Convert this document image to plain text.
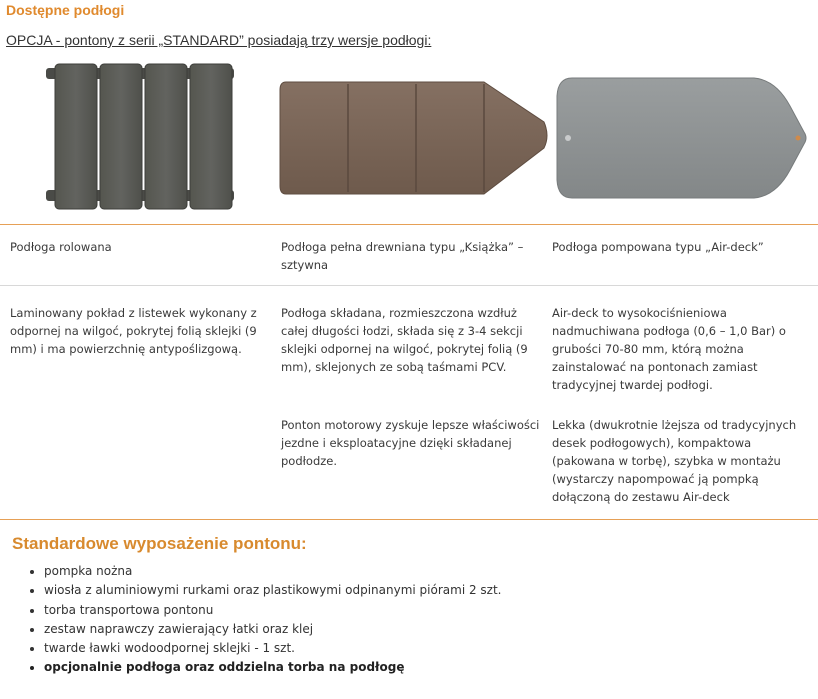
Dostępne podłogi
OPCJA - pontony z serii „STANDARD” posiadają trzy wersje podłogi:
Podłoga rolowana	Podłoga pełna drewniana typu „Książka” – sztywna
Podłoga pompowana typu „Air-deck”
Laminowany pokład z listewek wykonany z odpornej na wilgoć, pokrytej folią sklejki (9 mm) i ma powierzchnię antypoślizgową.
Podłoga składana, rozmieszczona wzdłuż całej długości łodzi, składa się z 3-4 sekcji sklejki odpornej na wilgoć, pokrytej folią (9 mm), sklejonych ze sobą taśmami PCV.
Air-deck to wysokociśnieniowa nadmuchiwana podłoga (0,6 – 1,0 Bar) o grubości 70-80 mm, którą można zainstalować na pontonach zamiast tradycyjnej twardej podłogi.
Ponton motorowy zyskuje lepsze właściwości jezdne i eksploatacyjne dzięki składanej podłodze.
Lekka (dwukrotnie lżejsza od tradycyjnych desek podłogowych), kompaktowa (pakowana w torbę), szybka w montażu (wystarczy napompować ją pompką dołączoną do zestawu Air-deck
Standardowe wyposażenie pontonu:
• pompka nożna
• wiosła z aluminiowymi rurkami oraz plastikowymi odpinanymi piórami 2 szt.
• torba transportowa pontonu
• zestaw naprawczy zawierający łatki oraz klej
• twarde ławki wodoodpornej sklejki - 1 szt.
• opcjonalnie podłoga oraz oddzielna torba na podłogę
